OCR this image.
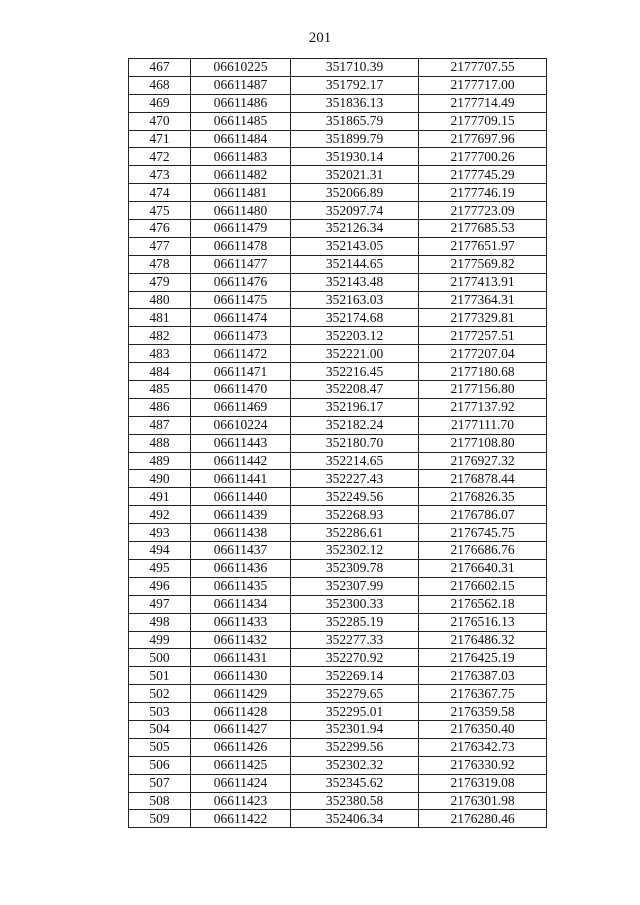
201
467	06610225	351710.39	2177707.55
468	06611487	351792.17	2177717.00
469	06611486	351836.13	2177714.49
470	06611485	351865.79	2177709.15
471	06611484	351899.79	2177697.96
472	06611483	351930.14	2177700.26
473	06611482	352021.31	2177745.29
474	06611481	352066.89	2177746.19
475	06611480	352097.74	2177723.09
476	06611479	352126.34	2177685.53
477	06611478	352143.05	2177651.97
478	06611477	352144.65	2177569.82
479	06611476	352143.48	2177413.91
480	06611475	352163.03	2177364.31
481	06611474	352174.68	2177329.81
482	06611473	352203.12	2177257.51
483	06611472	352221.00	2177207.04
484	06611471	352216.45	2177180.68
485	06611470	352208.47	2177156.80
486	06611469	352196.17	2177137.92
487	06610224	352182.24	2177111.70
488	06611443	352180.70	2177108.80
489	06611442	352214.65	2176927.32
490	06611441	352227.43	2176878.44
491	06611440	352249.56	2176826.35
492	06611439	352268.93	2176786.07
493	06611438	352286.61	2176745.75
494	06611437	352302.12	2176686.76
495	06611436	352309.78	2176640.31
496	06611435	352307.99	2176602.15
497	06611434	352300.33	2176562.18
498	06611433	352285.19	2176516.13
499	06611432	352277.33	2176486.32
500	06611431	352270.92	2176425.19
501	06611430	352269.14	2176387.03
502	06611429	352279.65	2176367.75
503	06611428	352295.01	2176359.58
504	06611427	352301.94	2176350.40
505	06611426	352299.56	2176342.73
506	06611425	352302.32	2176330.92
507	06611424	352345.62	2176319.08
508	06611423	352380.58	2176301.98
509	06611422	352406.34	2176280.46
